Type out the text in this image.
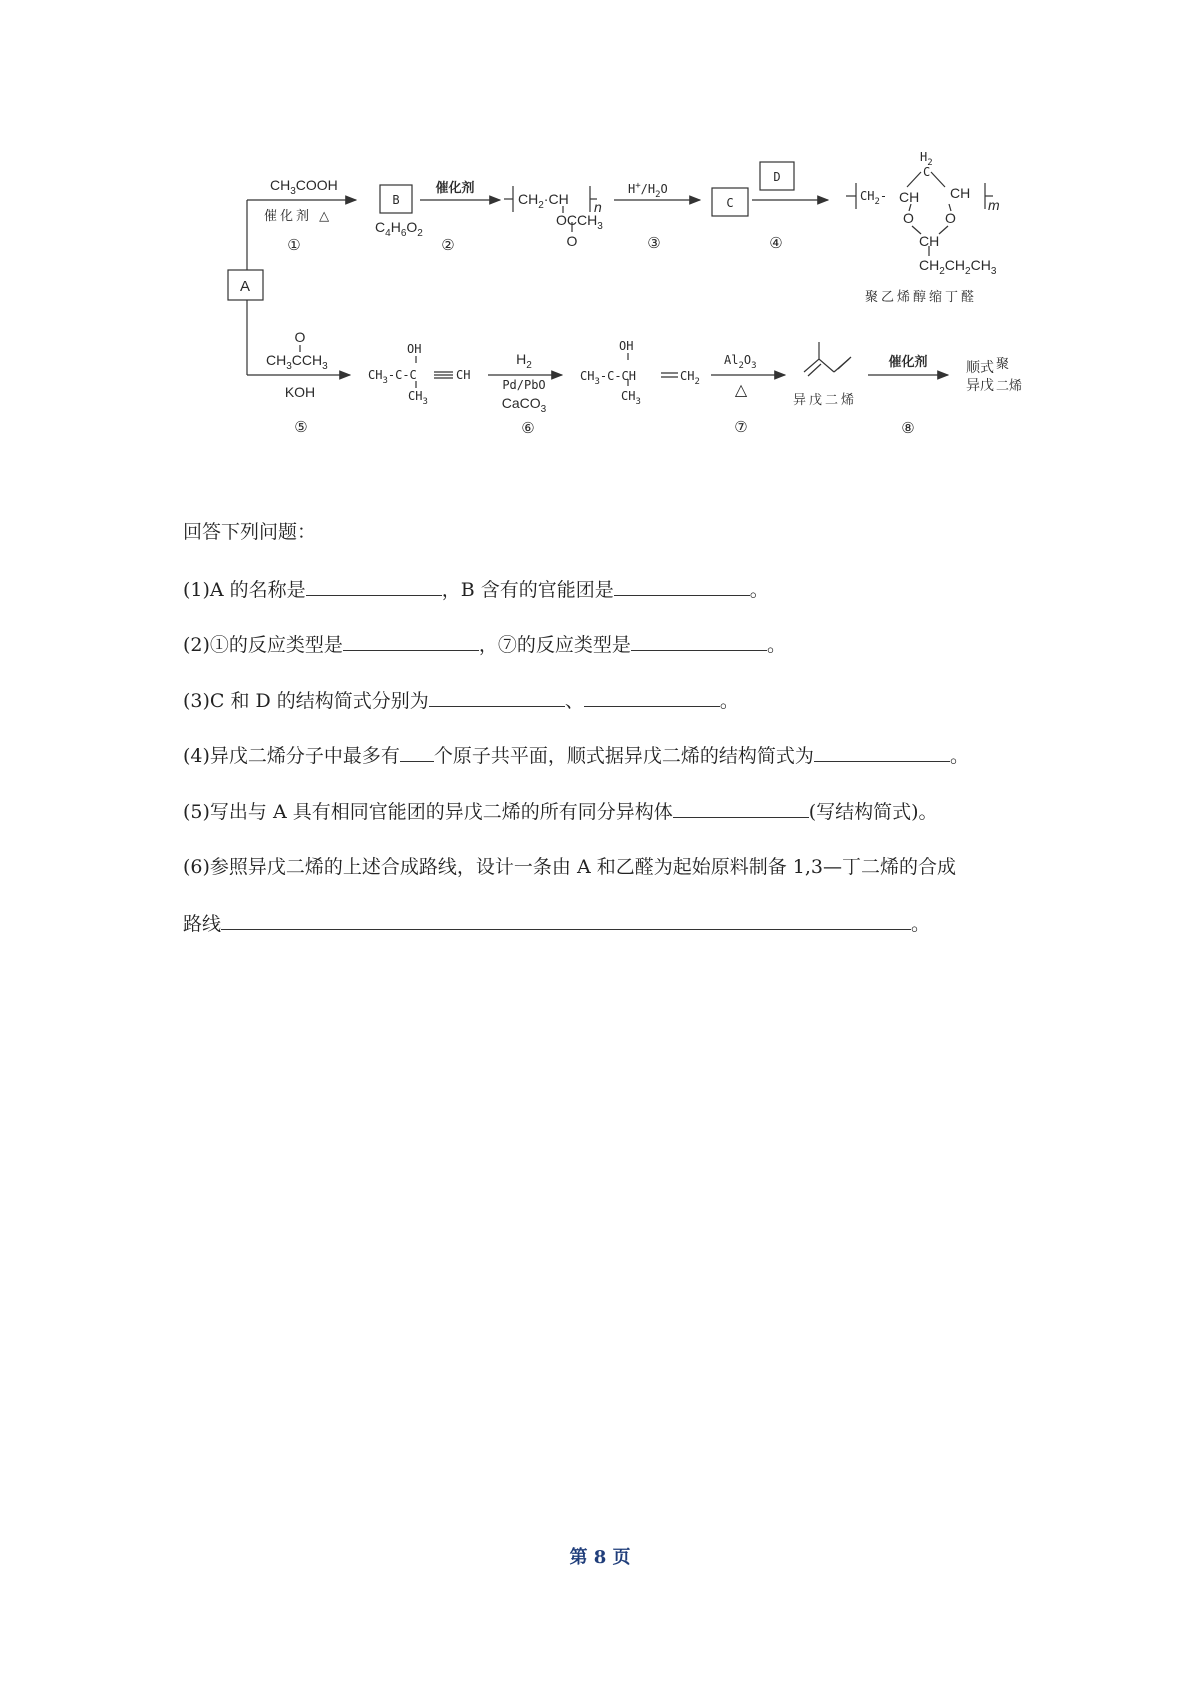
A
B	C
D
$CH_3COOH$
催化剂 △
①
$C_4H_6O_2$
催化剂
②
$CH_2\cdot CH$ n
$OCCH_3$
O
$H^+/H_2O$
③	④
$CH_2-$ CH CH
$H_2$
C
m
O O
CH
$CH_2CH_2CH_3$
聚乙烯醇缩丁醛
O
$CH_3CCH_3$
KOH
⑤
OH
$CH_3-C-C$	CH
$CH_3$
$H_2$
Pd/PbO
CaCO$_3$
⑥
OH
$CH_3-C-CH$	$CH_2$
$CH_3$
$Al_2O_3$
△
⑦
异戊二烯
催化剂
⑧
顺式 聚
异戊 二烯
回答下列问题：
(1)A 的名称是	，B 含有的官能团是	。
(2)①的反应类型是	，⑦的反应类型是	。
(3)C 和 D 的结构简式分别为	、	。
(4)异戊二烯分子中最多有 个原子共平面，顺式据异戊二烯的结构简式为	。
(5)写出与 A 具有相同官能团的异戊二烯的所有同分异构体	(写结构简式)。
(6)参照异戊二烯的上述合成路线，设计一条由 A 和乙醛为起始原料制备 1,3—丁二烯的合成
路线	。
第 8 页
